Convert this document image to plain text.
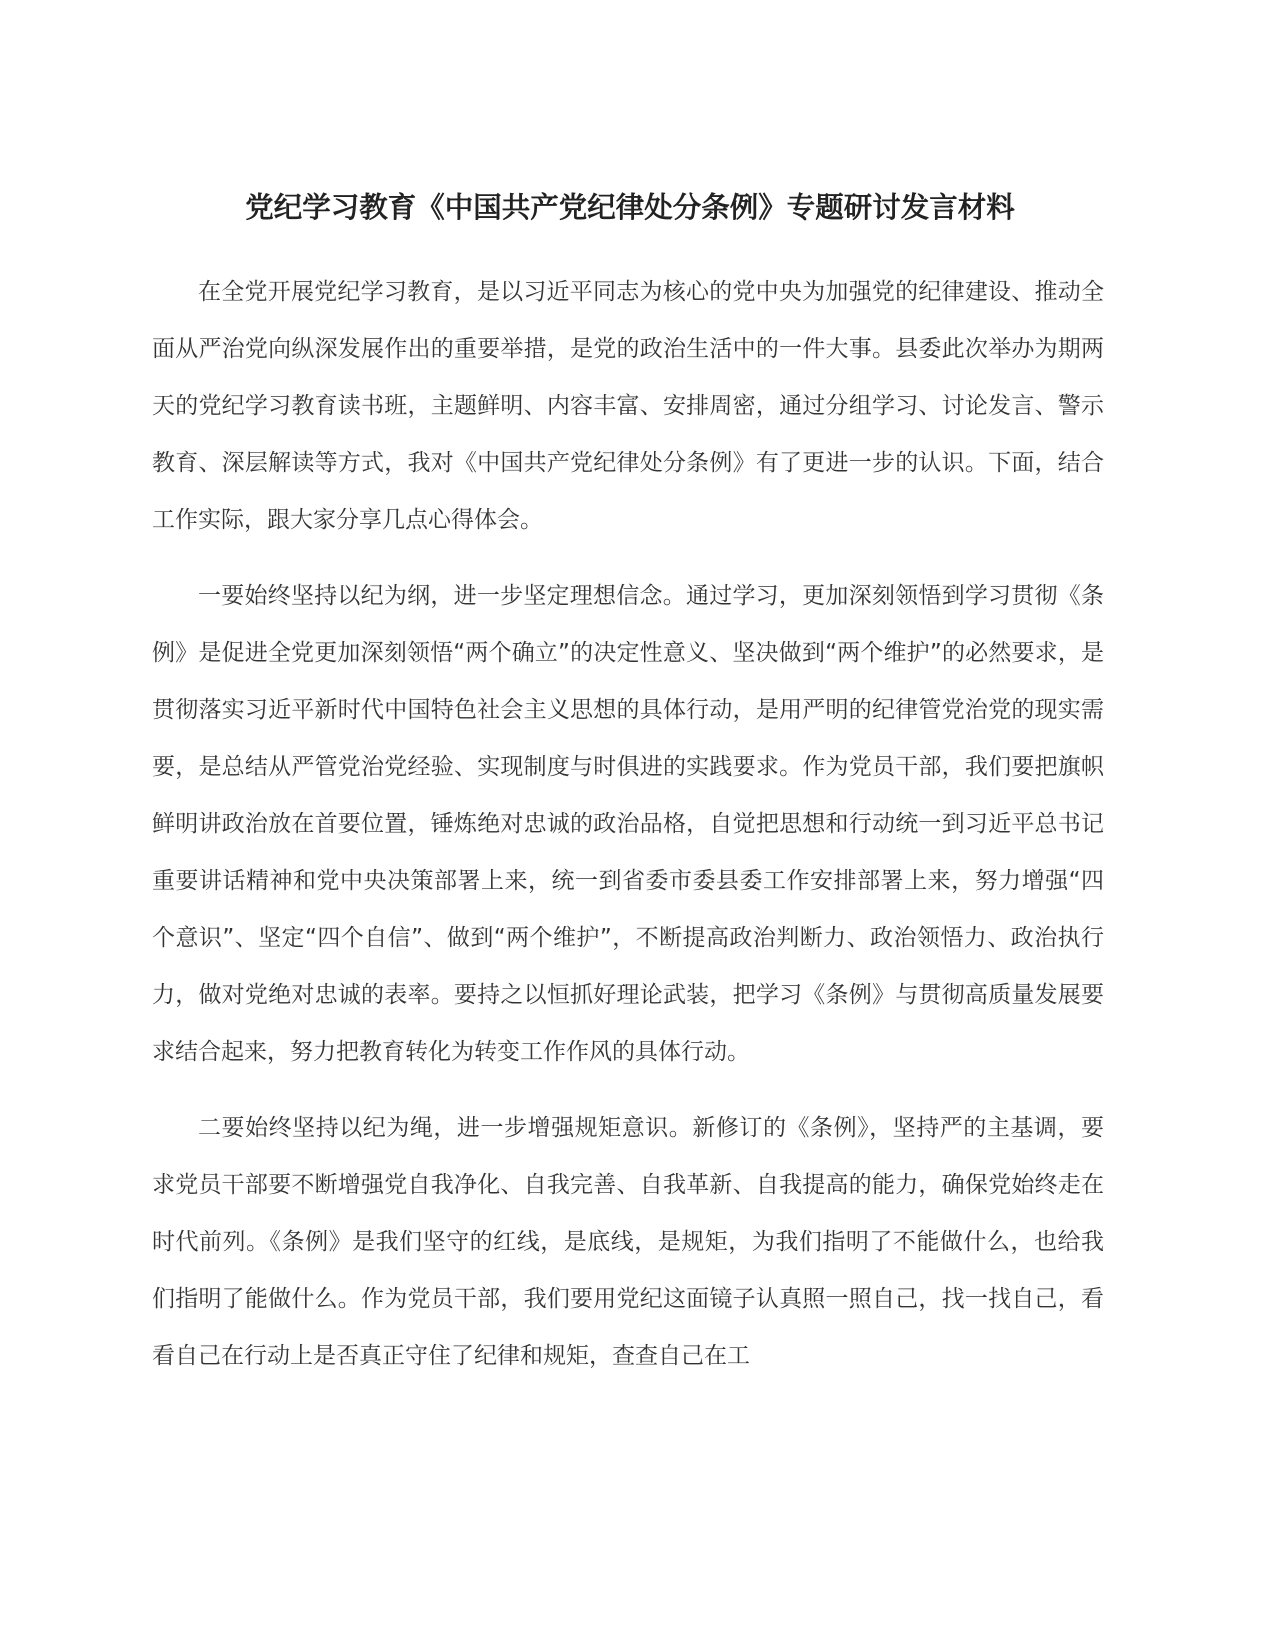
党纪学习教育《中国共产党纪律处分条例》专题研讨发言材料

在全党开展党纪学习教育，是以习近平同志为核心的党中央为加强党的纪律建设、推动全面从严治党向纵深发展作出的重要举措，是党的政治生活中的一件大事。县委此次举办为期两天的党纪学习教育读书班，主题鲜明、内容丰富、安排周密，通过分组学习、讨论发言、警示教育、深层解读等方式，我对《中国共产党纪律处分条例》有了更进一步的认识。下面，结合工作实际，跟大家分享几点心得体会。

一要始终坚持以纪为纲，进一步坚定理想信念。通过学习，更加深刻领悟到学习贯彻《条例》是促进全党更加深刻领悟“两个确立”的决定性意义、坚决做到“两个维护”的必然要求，是贯彻落实习近平新时代中国特色社会主义思想的具体行动，是用严明的纪律管党治党的现实需要，是总结从严管党治党经验、实现制度与时俱进的实践要求。作为党员干部，我们要把旗帜鲜明讲政治放在首要位置，锤炼绝对忠诚的政治品格，自觉把思想和行动统一到习近平总书记重要讲话精神和党中央决策部署上来，统一到省委市委县委工作安排部署上来，努力增强“四个意识”、坚定“四个自信”、做到“两个维护”，不断提高政治判断力、政治领悟力、政治执行力，做对党绝对忠诚的表率。要持之以恒抓好理论武装，把学习《条例》与贯彻高质量发展要求结合起来，努力把教育转化为转变工作作风的具体行动。

二要始终坚持以纪为绳，进一步增强规矩意识。新修订的《条例》，坚持严的主基调，要求党员干部要不断增强党自我净化、自我完善、自我革新、自我提高的能力，确保党始终走在时代前列。《条例》是我们坚守的红线，是底线，是规矩，为我们指明了不能做什么，也给我们指明了能做什么。作为党员干部，我们要用党纪这面镜子认真照一照自己，找一找自己，看看自己在行动上是否真正守住了纪律和规矩，查查自己在工
